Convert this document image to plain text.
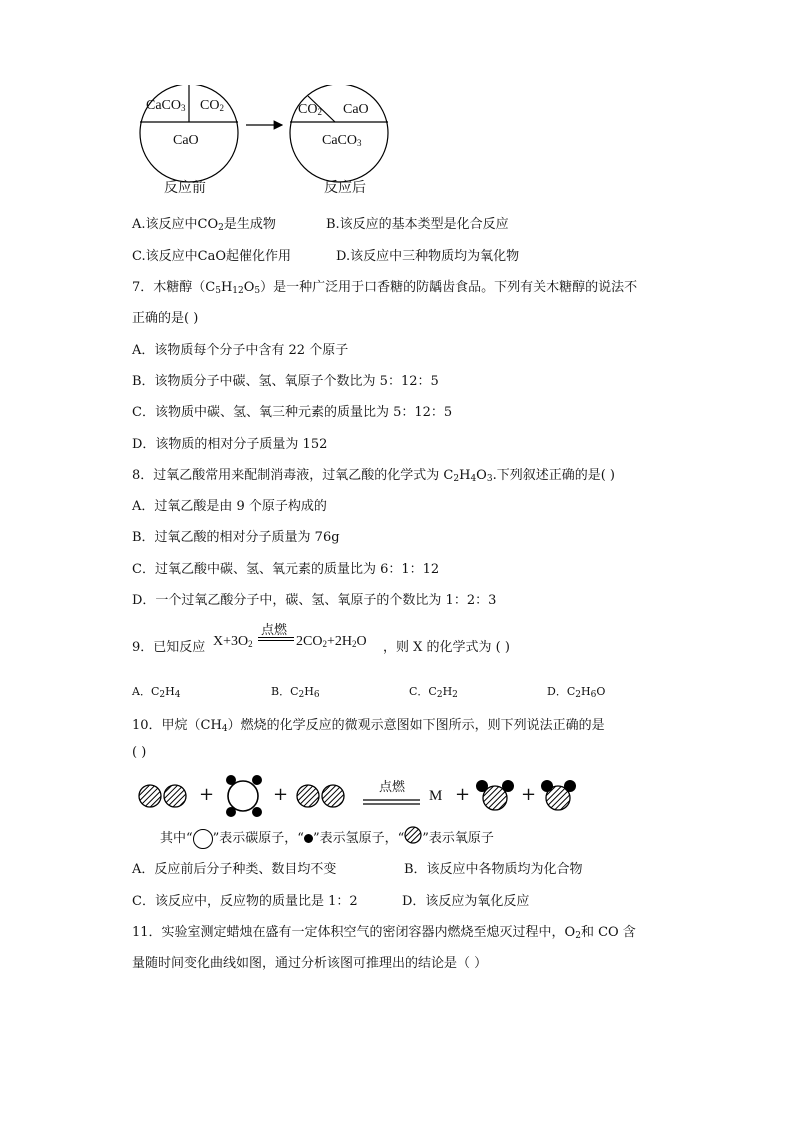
CaCO$_3$ $CO_2$
CaO
$CO_2$ CaO
CaCO$_3$
反应前	反应后
A.该反应中$CO_2$是生成物	B.该反应的基本类型是化合反应
C.该反应中CaO起催化作用	D.该反应中三种物质均为氧化物
7．木糖醇$(C_5H_{12}O_5)$是一种广泛用于口香糖的防龋齿食品。下列有关木糖醇的说法不
正确的是( )
A．该物质每个分子中含有 22 个原子
B．该物质分子中碳、氢、氧原子个数比为 5：12：5
C．该物质中碳、氢、氧三种元素的质量比为 5：12：5
D．该物质的相对分子质量为 152
8．过氧乙酸常用来配制消毒液，过氧乙酸的化学式为 $C_2H_4O_3$.下列叙述正确的是( )
A．过氧乙酸是由 9 个原子构成的
B．过氧乙酸的相对分子质量为 76g
C．过氧乙酸中碳、氢、氧元素的质量比为 6：1：12
D．一个过氧乙酸分子中，碳、氢、氧原子的个数比为 1：2：3
9．已知反应 $X+3O_2$
点燃
$2CO_2+2H_2O$ ，则 X 的化学式为 ( )
A．$C_2H_4$	B．$C_2H_6$	C．$C_2H_2$	D．$C_2H_6O$
10．甲烷$(CH_4)$燃烧的化学反应的微观示意图如下图所示，则下列说法正确的是
( )
+	+	点燃
M +	+
其中“ ”表示碳原子，“ ”表示氢原子，“ ”表示氧原子
A．反应前后分子种类、数目均不变	B．该反应中各物质均为化合物
C．该反应中，反应物的质量比是 1：2	D．该反应为氧化反应
11．实验室测定蜡烛在盛有一定体积空气的密闭容器内燃烧至熄灭过程中，$O_2$和 CO 含
量随时间变化曲线如图，通过分析该图可推理出的结论是（ ）
